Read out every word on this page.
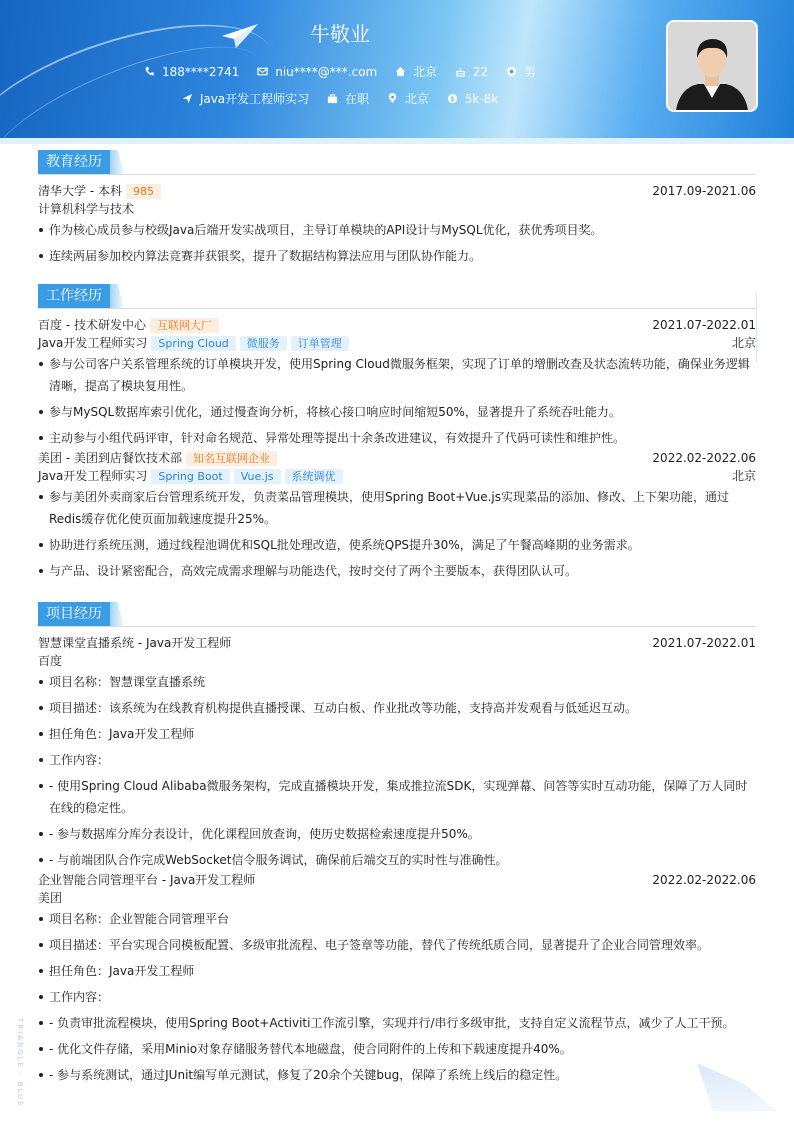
牛敬业
188****2741
	niu****@***.com
	北京
	22
	男
Java开发工程师实习
	在职
	北京
	$ 5k-8k
教育经历
清华大学 - 本科 985	2017.09-2021.06
计算机科学与技术
作为核心成员参与校级Java后端开发实战项目，主导订单模块的API设计与MySQL优化，获优秀项目奖。
连续两届参加校内算法竞赛并获银奖，提升了数据结构算法应用与团队协作能力。
工作经历
百度 - 技术研发中心 互联网大厂	2021.07-2022.01
Java开发工程师实习 Spring Cloud 微服务 订单管理	北京
参与公司客户关系管理系统的订单模块开发，使用Spring Cloud微服务框架，实现了订单的增删改查及状态流转功能，确保业务逻辑清晰，提高了模块复用性。
参与MySQL数据库索引优化，通过慢查询分析，将核心接口响应时间缩短50%，显著提升了系统吞吐能力。
主动参与小组代码评审，针对命名规范、异常处理等提出十余条改进建议，有效提升了代码可读性和维护性。
美团 - 美团到店餐饮技术部 知名互联网企业	2022.02-2022.06
Java开发工程师实习 Spring Boot Vue.js 系统调优	北京
参与美团外卖商家后台管理系统开发，负责菜品管理模块，使用Spring Boot+Vue.js实现菜品的添加、修改、上下架功能，通过Redis缓存优化使页面加载速度提升25%。
协助进行系统压测，通过线程池调优和SQL批处理改造，使系统QPS提升30%，满足了午餐高峰期的业务需求。
与产品、设计紧密配合，高效完成需求理解与功能迭代，按时交付了两个主要版本，获得团队认可。
项目经历
智慧课堂直播系统 - Java开发工程师	2021.07-2022.01
百度
项目名称：智慧课堂直播系统
项目描述：该系统为在线教育机构提供直播授课、互动白板、作业批改等功能，支持高并发观看与低延迟互动。
担任角色：Java开发工程师
工作内容：
- 使用Spring Cloud Alibaba微服务架构，完成直播模块开发，集成推拉流SDK，实现弹幕、问答等实时互动功能，保障了万人同时在线的稳定性。
- 参与数据库分库分表设计，优化课程回放查询，使历史数据检索速度提升50%。
- 与前端团队合作完成WebSocket信令服务调试，确保前后端交互的实时性与准确性。
企业智能合同管理平台 - Java开发工程师	2022.02-2022.06
美团
项目名称：企业智能合同管理平台
项目描述：平台实现合同模板配置、多级审批流程、电子签章等功能，替代了传统纸质合同，显著提升了企业合同管理效率。
担任角色：Java开发工程师
工作内容：
- 负责审批流程模块，使用Spring Boot+Activiti工作流引擎，实现并行/串行多级审批，支持自定义流程节点，减少了人工干预。
- 优化文件存储，采用Minio对象存储服务替代本地磁盘，使合同附件的上传和下载速度提升40%。
- 参与系统测试，通过JUnit编写单元测试，修复了20余个关键bug，保障了系统上线后的稳定性。
TRIANGLE · BLUE
